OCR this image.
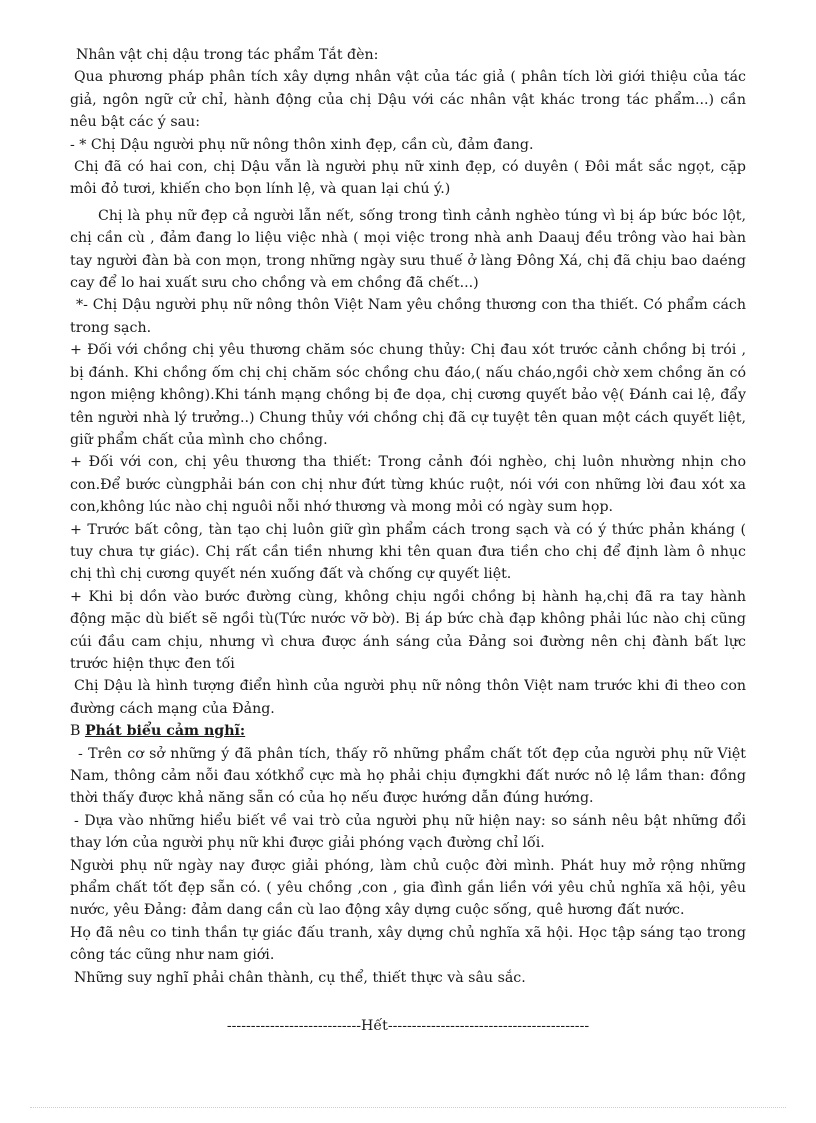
Nhân vật chị dậu trong tác phẩm Tắt đèn:

Qua phương pháp phân tích xây dựng nhân vật của tác giả ( phân tích lời giới thiệu của tác giả, ngôn ngữ cử chỉ, hành động của chị Dậu với các nhân vật khác trong tác phẩm...) cần nêu bật các ý sau:

- * Chị Dậu người phụ nữ nông thôn xinh đẹp, cần cù, đảm đang.

Chị đã có hai con, chị Dậu vẫn là người phụ nữ xinh đẹp, có duyên ( Đôi mắt sắc ngọt, cặp môi đỏ tươi, khiến cho bọn lính lệ, và quan lại chú ý.)

Chị là phụ nữ đẹp cả người lẫn nết, sống trong tình cảnh nghèo túng vì bị áp bức bóc lột, chị cần cù , đảm đang lo liệu việc nhà ( mọi việc trong nhà anh Daauj đều trông vào hai bàn tay người đàn bà con mọn, trong những ngày sưu thuế ở làng Đông Xá, chị đã chịu bao daéng cay để lo hai xuất sưu cho chồng và em chồng đã chết...)

*- Chị Dậu người phụ nữ nông thôn Việt Nam yêu chồng thương con tha thiết. Có phẩm cách trong sạch.

+ Đối với chồng chị yêu thương chăm sóc chung thủy: Chị đau xót trước cảnh chồng bị trói , bị đánh. Khi chồng ốm chị chị chăm sóc chồng chu đáo,( nấu cháo,ngồi chờ xem chồng ăn có ngon miệng không).Khi tánh mạng chồng bị đe dọa, chị cương quyết bảo vệ( Đánh cai lệ, đẩy tên người nhà lý trưởng..) Chung thủy với chồng chị đã cự tuyệt tên quan một cách quyết liệt, giữ phẩm chất của mình cho chồng.

+ Đối với con, chị yêu thương tha thiết: Trong cảnh đói nghèo, chị luôn nhường nhịn cho con.Để bước cùngphải bán con chị như đứt từng khúc ruột, nói với con những lời đau xót xa con,không lúc nào chị nguôi nỗi nhớ thương và mong mỏi có ngày sum họp.

+ Trước bất công, tàn tạo chị luôn giữ gìn phẩm cách trong sạch và có ý thức phản kháng ( tuy chưa tự giác). Chị rất cần tiền nhưng khi tên quan đưa tiền cho chị để định làm ô nhục chị thì chị cương quyết nén xuống đất và chống cự quyết liệt.

+ Khi bị dồn vào bước đường cùng, không chịu ngồi chồng bị hành hạ,chị đã ra tay hành động mặc dù biết sẽ ngồi tù(Tức nước vỡ bờ). Bị áp bức chà đạp không phải lúc nào chị cũng cúi đầu cam chịu, nhưng vì chưa được ánh sáng của Đảng soi đường nên chị đành bất lực trước hiện thực đen tối

Chị Dậu là hình tượng điển hình của người phụ nữ nông thôn Việt nam trước khi đi theo con đường cách mạng của Đảng.

B Phát biểu cảm nghĩ:

- Trên cơ sở những ý đã phân tích, thấy rõ những phẩm chất tốt đẹp của người phụ nữ Việt Nam, thông cảm nỗi đau xótkhổ cực mà họ phải chịu đựngkhi đất nước nô lệ lầm than: đồng thời thấy được khả năng sẵn có của họ nếu được hướng dẫn đúng hướng.

- Dựa vào những hiểu biết về vai trò của người phụ nữ hiện nay: so sánh nêu bật những đổi thay lớn của người phụ nữ khi được giải phóng vạch đường chỉ lối.

Người phụ nữ ngày nay được giải phóng, làm chủ cuộc đời mình. Phát huy mở rộng những phẩm chất tốt đẹp sẵn có. ( yêu chồng ,con , gia đình gắn liền với yêu chủ nghĩa xã hội, yêu nước, yêu Đảng: đảm dang cần cù lao động xây dựng cuộc sống, quê hương đất nước.

Họ đã nêu co tinh thần tự giác đấu tranh, xây dựng chủ nghĩa xã hội. Học tập sáng tạo trong công tác cũng như nam giới.

Những suy nghĩ phải chân thành, cụ thể, thiết thực và sâu sắc.

----------------------------Hết------------------------------------------
